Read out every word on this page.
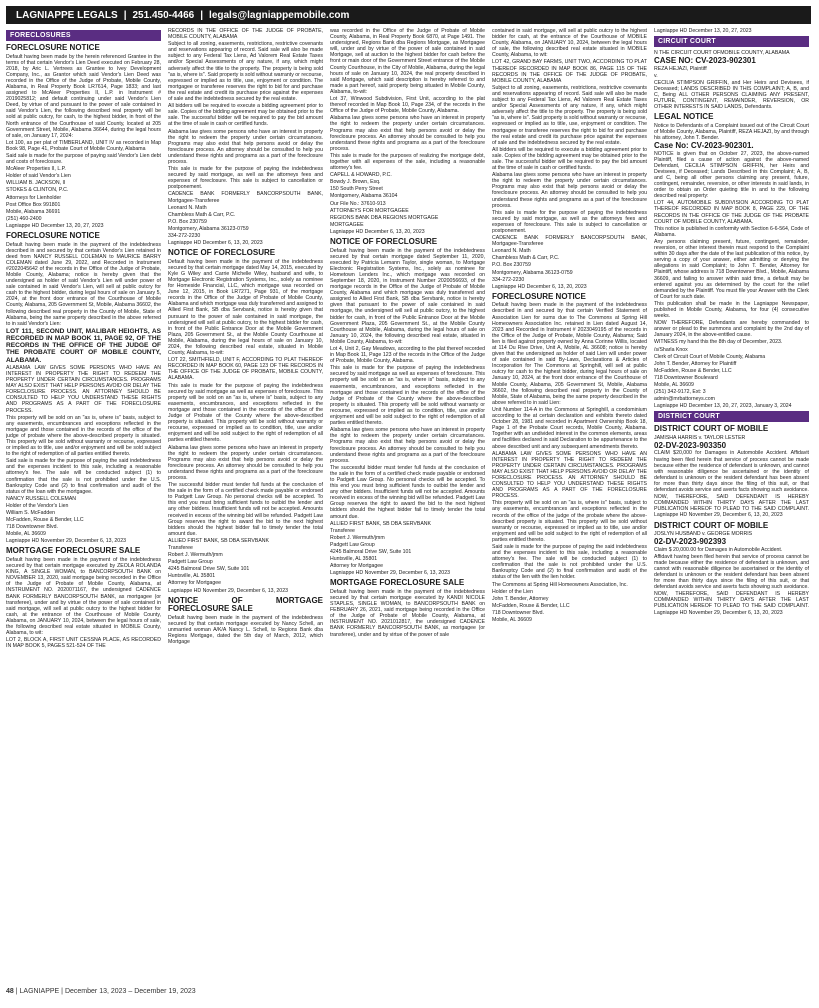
LAGNIAPPE LEGALS | 251.450-4466 | legals@lagniappemobile.com
FORECLOSURES
FORECLOSURE NOTICE

Default having been made by the herein referenced Grantee in the terms of that certain Vendor's Lien Deed executed on February 28, 2018, by Aric L. Vertrees as Grantee to Ivey Development Company, Inc., as Grantor which said Vendor's Lien Deed was recorded in the Office of the Judge of Probate, Mobile County, Alabama, in Real Property Book LR7614, Page 1833; and last assigned to McAleer Properties II, L.P. in Instrument # 2019025812; and default continuing under said Vendor's Lien Deed, by virtue of and pursuant to the power of sale contained in said Vendor's Lien, the following described real property will be sold at public outcry, for cash, to the highest bidder, in front of the North entrance of the Courthouse of said County, located at 205 Government Street, Mobile, Alabama 36644, during the legal hours of sale, on January 17, 2024:

Lot 100, as per plat of TIMBERLAND, UNIT IV as recorded in Map Book 98, Page 41, Probate Court of Mobile County, Alabama

Said sale is made for the purpose of paying said Vendor's Lien debt and costs of foreclosure.

McAleer Properties II, L.P.

Holder of said Vendor's Lien

WILLIAM B. JACKSON, II

STOKES & CLINTON, P.C.

Attorneys for Lienholder

Post Office Box 991801

Mobile, Alabama 36691

(251) 460-2400

Lagniappe HD December 13, 20, 27, 2023

FORECLOSURE NOTICE

Default having been made in the payment of the indebtedness described in and secured by that certain Vendor's Lien retained in deed from NANCY RUSSELL COLEMAN to MAURICE BARRY COLEMAN dated June 29, 2022, and Recorded in Instrument #2022045642 of the records in the Office of the Judge of Probate, Mobile County, Alabama; notice is hereby given that the undersigned as holder of said Vendor's Lien will under power of sale contained in said Vendor's Lien, will sell at public outcry for cash to the highest bidder, during legal hours of sale on January 5, 2024, at the front door entrance of the Courthouse of Mobile County, Alabama, 205 Government St, Mobile, Alabama 36602, the following described real property in the County of Mobile, State of Alabama, being the same property described in the above referred to in said Vendor's Lien:

LOT 111, SECOND UNIT, MALIBAR HEIGHTS, AS RECORDED IN MAP BOOK 11, PAGE 92, OF THE RECORDS IN THE OFFICE OF THE JUDGE OF THE PROBATE COURT OF MOBILE COUNTY, ALABAMA.

ALABAMA LAW GIVES SOME PERSONS WHO HAVE AN INTEREST IN PROPERTY THE RIGHT TO REDEEM THE PROPERTY UNDER CERTAIN CIRCUMSTANCES. PROGRAMS MAY ALSO EXIST THAT HELP PERSONS AVOID OR DELAY THE FORECLOSURE PROCESS. AN ATTORNEY SHOULD BE CONSULTED TO HELP YOU UNDERSTAND THESE RIGHTS AND PROGRAMS AS A PART OF THE FORECLOSURE PROCESS.

This property will be sold on an "as is, where is" basis, subject to any easements, encumbrances and exceptions reflected in the mortgage and those contained in the records of the office of the judge of probate where the above-described property is situated. This property will be sold without warranty or recourse, expressed or implied as to title, use and/or enjoyment and will be sold subject to the right of redemption of all parties entitled thereto.

Said sale is made for the purpose of paying the said indebtedness and the expenses incident to this sale, including a reasonable attorney's fee. The sale will be conducted subject (1) to confirmation that the sale is not prohibited under the U.S. Bankruptcy Code and (2) to final confirmation and audit of the status of the loan with the mortgagee.

NANCY RUSSELL COLEMAN

Holder of the Vendor's Lien

William S. McFadden

McFadden, Rouse & Bender, LLC

718 Downtowner Blvd.

Mobile, AL 36609

Lagniappe HD November 29, December 6, 13, 2023

MORTGAGE FORECLOSURE SALE

Default having been made in the payment of the indebtedness secured by that certain mortgage executed by ZEOLA ROLANDA KING, A SINGLE WOMAN, to BANCORPSOUTH BANK on NOVEMBER 13, 2020, said mortgage being recorded in the Office of the Judge of Probate of Mobile County, Alabama, at INSTRUMENT NO. 2020071167, the undersigned CADENCE BANK FORMERLY BANCORPSOUTH BANK, as mortgagee (or transferee), under and by virtue of the power of sale contained in said mortgage, will sell at public outcry to the highest bidder for cash, at the entrance of the Courthouse of Mobile County, Alabama, on JANUARY 10, 2024, between the legal hours of sale, the following described real estate situated in MOBILE County, Alabama, to wit:

LOT 2, BLOCK A, FIRST UNIT CESSNA PLACE, AS RECORDED IN MAP BOOK 5, PAGES 521-524 OF THE

RECORDS IN THE OFFICE OF THE JUDGE OF PROBATE, MOBILE COUNTY, ALABAMA

Subject to all zoning, easements, restrictions, restrictive covenants and reservations appearing of record. Said sale will also be made subject to any Federal Tax Liens, Ad Valorem Real Estate Taxes and/or Special Assessments of any nature, if any, which might adversely affect the title to the property. The property is being sold "as is, where is". Said property is sold without warranty or recourse, expressed or implied as to title, use, enjoyment or condition. The mortgagee or transferee reserves the right to bid for and purchase the real estate and credit its purchase price against the expenses of sale and the indebtedness secured by the real estate.

All bidders will be required to execute a bidding agreement prior to sale. Copies of the bidding agreement may be obtained prior to the sale. The successful bidder will be required to pay the bid amount at the time of sale in cash or certified funds.

Alabama law gives some persons who have an interest in property the right to redeem the property under certain circumstances. Programs may also exist that help persons avoid or delay the foreclosure process. An attorney should be consulted to help you understand these rights and programs as a part of the foreclosure process.

This sale is made for the purpose of paying the indebtedness secured by said mortgage, as well as the attorneys fees and expenses of foreclosure. This sale is subject to cancellation or postponement.

CADENCE BANK FORMERLY BANCORPSOUTH BANK, Mortgagee-Transferee

Leonard N. Math

Chambless Math & Carr, P.C.

P.O. Box 230759

Montgomery, Alabama 36123-0759

334-272-2230

Lagniappe HD December 6, 13, 20, 2023

NOTICE OF FORECLOSURE

Default having been made in the payment of the indebtedness secured by that certain mortgage dated May 14, 2015, executed by Kyle G Wiley and Carrie Michelle Wiley, husband and wife, to Mortgage Electronic Registration Systems, Inc., solely as nominee for Homeside Financial, LLC, which mortgage was recorded on June 12, 2015, in Book LR7271, Page 931, of the mortgage records in the Office of the Judge of Probate of Mobile County, Alabama and which mortgage was duly transferred and assigned to Allied First Bank, SB dba Servbank, notice is hereby given that pursuant to the power of sale contained in said mortgage, the undersigned will sell at public outcry, to the highest bidder for cash, in front of the Public Entrance Door at the Mobile Government Plaza, 205 Government St., at the Mobile County Courthouse at Mobile, Alabama, during the legal hours of sale on January 10, 2024, the following described real estate, situated in Mobile County, Alabama, to-wit:

LOT 22, SMITHFIELD, UNIT F, ACCORDING TO PLAT THEREOF RECORDED IN MAP BOOK 60, PAGE 123 OF THE RECORDS IN THE OFFICE OF THE JUDGE OF PROBATE, MOBILE COUNTY, ALABAMA.

This sale is made for the purpose of paying the indebtedness secured by said mortgage as well as expenses of foreclosure. This property will be sold on an "as is, where is" basis, subject to any easements, encumbrances, and exceptions reflected in the mortgage and those contained in the records of the office of the Judge of Probate of the County where the above-described property is situated. This property will be sold without warranty or recourse, expressed or implied as to condition, title, use and/or enjoyment and will be sold subject to the right of redemption of all parties entitled thereto.

Alabama law gives some persons who have an interest in property the right to redeem the property under certain circumstances. Programs may also exist that help persons avoid or delay the foreclosure process. An attorney should be consulted to help you understand these rights and programs as a part of the foreclosure process.

The successful bidder must tender full funds at the conclusion of the sale in the form of a certified check made payable or endorsed to Padgett Law Group. No personal checks will be accepted. To this end you must bring sufficient funds to outbid the lender and any other bidders. Insufficient funds will not be accepted. Amounts received in excess of the winning bid will be refunded. Padgett Law Group reserves the right to award the bid to the next highest bidders should the highest bidder fail to timely tender the total amount due.

ALLIED FIRST BANK, SB DBA SERVBANK

Transferee

Robert J. Wermuth/jmm

Padgett Law Group

4245 Balmoral Drive SW, Suite 101

Huntsville, AL 35801

Attorney for Mortgagee

Lagniappe HD November 29, December 6, 13, 2023

NOTICE OF MORTGAGE FORECLOSURE SALE

Default having been made in the payment of the indebtedness secured by that certain mortgage executed by Nancy Schell, an unmarried woman A/K/A Nancy L. Schell, to Regions Bank dba Regions Mortgage, dated the 5th day of March, 2012, which Mortgage

was recorded in the Office of the Judge of Probate of Mobile County, Alabama, in Real Property Book 6870, at Page 1491. The undersigned, Regions Bank dba Regions Mortgage, as Mortgagee will, under and by virtue of the power of sale contained in said Mortgage, sell at auction to the highest bidder for cash before the front or main door of the Government Street entrance of the Mobile County Courthouse, in the City of Mobile, Alabama, during the legal hours of sale on January 10, 2024, the real property described in said Mortgage, which said description is hereby referred to and made a part hereof, said property being situated in Mobile County, Alabama, to-wit:

Lot 37, Winwood Subdivision, First Unit, according to the plat thereof recorded in Map Book 10, Page 234, of the records in the Office of the Judge of Probate, Mobile County, Alabama.

Alabama law gives some persons who have an interest in property the right to redeem the property under certain circumstances. Programs may also exist that help persons avoid or delay the foreclosure process. An attorney should be consulted to help you understand these rights and programs as a part of the foreclosure process.

This sale is made for the purposes of realizing the mortgage debt, together with all expenses of the sale, including a reasonable attorney's fee.

CAPELL & HOWARD, P.C.

Bowdy J. Brown, Esq.

150 South Perry Street

Montgomery, Alabama 36104

Our File No.: 37610-913

ATTORNEYS FOR MORTGAGEE

REGIONS BANK DBA REGIONS MORTGAGE

MORTGAGEE

Lagniappe HD December 6, 13, 20, 2023

NOTICE OF FORECLOSURE

Default having been made in the payment of the indebtedness secured by that certain mortgage dated September 11, 2020, executed by Patricia Lemann Taylor, single woman, to Mortgage Electronic Registration Systems, Inc., solely as nominee for Hometown Lenders Inc., which mortgage was recorded on September 18, 2020, in Instrument Number 2020056693, of the mortgage records in the Office of the Judge of Probate of Mobile County, Alabama and which mortgage was duly transferred and assigned to Allied First Bank, SB dba Servbank, notice is hereby given that pursuant to the power of sale contained in said mortgage, the undersigned will sell at public outcry, to the highest bidder for cash, in front of the Public Entrance Door at the Mobile Government Plaza, 205 Government St., at the Mobile County Courthouse at Mobile, Alabama, during the legal hours of sale on January 10, 2024, the following described real estate, situated in Mobile County, Alabama, to-wit:

Lot 4, Unit 2, Gay Meadows, according to the plat thereof recorded in Map Book 11, Page 123 of the records in the Office of the Judge of Probate, Mobile County, Alabama.

This sale is made for the purpose of paying the indebtedness secured by said mortgage as well as expenses of foreclosure. This property will be sold on an "as is, where is" basis, subject to any easements, encumbrances, and exceptions reflected in the mortgage and those contained in the records of the office of the Judge of Probate of the County where the above-described property is situated. This property will be sold without warranty or recourse, expressed or implied as to condition, title, use and/or enjoyment and will be sold subject to the right of redemption of all parties entitled thereto.

Alabama law gives some persons who have an interest in property the right to redeem the property under certain circumstances. Programs may also exist that help persons avoid or delay the foreclosure process. An attorney should be consulted to help you understand these rights and programs as a part of the foreclosure process.

The successful bidder must tender full funds at the conclusion of the sale in the form of a certified check made payable or endorsed to Padgett Law Group. No personal checks will be accepted. To this end you must bring sufficient funds to outbid the lender and any other bidders. Insufficient funds will not be accepted. Amounts received in excess of the winning bid will be refunded. Padgett Law Group reserves the right to award the bid to the next highest bidders should the highest bidder fail to timely tender the total amount due.

ALLIED FIRST BANK, SB DBA SERVBANK

Transferee

Robert J. Wermuth/jmm

Padgett Law Group

4245 Balmoral Drive SW, Suite 101

Huntsville, AL 35801

Attorney for Mortgagee

Lagniappe HD November 29, December 6, 13, 2023

MORTGAGE FORECLOSURE SALE

Default having been made in the payment of the indebtedness secured by that certain mortgage executed by KANDI NICOLE STAPLES, SINGLE WOMAN, to BANCORPSOUTH BANK on FEBRUARY 26, 2021, said mortgage being recorded in the Office of the Judge of Probate of Mobile County, Alabama, at INSTRUMENT NO. 2021012817, the undersigned CADENCE BANK FORMERLY BANCORPSOUTH BANK, as mortgagee (or transferee), under and by virtue of the power of sale

contained in said mortgage, will sell at public outcry to the highest bidder for cash, at the entrance of the Courthouse of MOBILE County, Alabama, on JANUARY 10, 2024, between the legal hours of sale, the following described real estate situated in MOBILE County, Alabama, to wit:

LOT 42, GRAND BAY FARMS, UNIT TWO, ACCORDING TO PLAT THEREOF RECORDED IN MAP BOOK 86, PAGE 115 OF THE RECORDS IN THE OFFICE OF THE JUDGE OF PROBATE, MOBILE COUNTY, ALABAMA

Subject to all zoning, easements, restrictions, restrictive covenants and reservations appearing of record. Said sale will also be made subject to any Federal Tax Liens, Ad Valorem Real Estate Taxes and/or Special Assessments of any nature, if any, which might adversely affect the title to the property. The property is being sold "as is, where is". Said property is sold without warranty or recourse, expressed or implied as to title, use, enjoyment or condition. The mortgagee or transferee reserves the right to bid for and purchase the real estate and credit its purchase price against the expenses of sale and the indebtedness secured by the real estate.

All bidders will be required to execute a bidding agreement prior to sale. Copies of the bidding agreement may be obtained prior to the sale. The successful bidder will be required to pay the bid amount at the time of sale in cash or certified funds.

Alabama law gives some persons who have an interest in property the right to redeem the property under certain circumstances. Programs may also exist that help persons avoid or delay the foreclosure process. An attorney should be consulted to help you understand these rights and programs as a part of the foreclosure process.

This sale is made for the purpose of paying the indebtedness secured by said mortgage, as well as the attorneys fees and expenses of foreclosure. This sale is subject to cancellation or postponement.

CADENCE BANK FORMERLY BANCORPSOUTH BANK, Mortgagee-Transferee

Leonard N. Math

Chambless Math & Carr, P.C.

P.O. Box 230759

Montgomery, Alabama 36123-0759

334-272-2230

Lagniappe HD December 6, 13, 20, 2023

FORECLOSURE NOTICE

Default having been made in the payment of the indebtedness described in and secured by that certain Verified Statement of Association Lien for sums due to The Commons at Spring Hill Homeowners Association Inc. retained in Lien dated August 14, 2023 and Recorded in Instrument # 2023049195 of the records in the Office of the Judge of Probate, Mobile County, Alabama; Said lien is filed against property owned by Anna Corinne Willis, located at 114 Du Rive Drive, Unit A, Mobile, AL 36608; notice is hereby given that the undersigned as holder of said Lien will under power of sale contained in said By-Laws, Declarations & Articles of Incorporation for The Commons at Springhill, will sell at public outcry for cash to the highest bidder, during legal hours of sale on January 10, 2024, at the front door entrance of the Courthouse of Mobile County, Alabama, 205 Government St, Mobile, Alabama 36602, the following described real property in the County of Mobile, State of Alabama, being the same property described in the above referred to in said Lien:

Unit Number 114-A in the Commons at Springhill, a condominium according to the at certain declaration and exhibits thereto dated October 28, 1981 and recorded in Apartment Ownership Book 18, Page 1 of the Probate Court records, Mobile County, Alabama. Together with an undivided interest in the common elements, areas and facilities declared in said Declaration to be appurtenance to the above described unit and any subsequent amendments thereto.

ALABAMA LAW GIVES SOME PERSONS WHO HAVE AN INTEREST IN PROPERTY THE RIGHT TO REDEEM THE PROPERTY UNDER CERTAIN CIRCUMSTANCES. PROGRAMS MAY ALSO EXIST THAT HELP PERSONS AVOID OR DELAY THE FORECLOSURE PROCESS. AN ATTORNEY SHOULD BE CONSULTED TO HELP YOU UNDERSTAND THESE RIGHTS AND PROGRAMS AS A PART OF THE FORECLOSURE PROCESS.

This property will be sold on an "as is, where is" basis, subject to any easements, encumbrances and exceptions reflected in the records of the office of the judge of the probate where the above-described property is situated. This property will be sold without warranty or recourse, expressed or implied as to title, use and/or enjoyment and will be sold subject to the right of redemption of all parties entitled thereto.

Said sale is made for the purpose of paying the said indebtedness and the expenses incident to this sale, including a reasonable attorney's fee. The sale will be conducted subject (1) to confirmation that the sale is not prohibited under the U.S. Bankruptcy Code and (2) to final confirmation and audit of the status of the lien with the lien holder.

The Commons at Spring Hill Homeowners Association, Inc.

Holder of the Lien

John T. Bender, Attorney

McFadden, Rouse & Bender, LLC

718 Downtowner Blvd.

Mobile, AL 36609

Lagniappe HD December 13, 20, 27, 2023

CIRCUIT COURT

N THE CIRCUIT COURT OFMOBILE COUNTY, ALABAMA

CASE NO: CV-2023-902301

REZA HEJAZI, Plaintiff

v.

CECILIA STIMPSON GRIFFIN, and Her Heirs and Devisees, if Deceased; LANDS DESCRIBED IN THIS COMPLAINT; A, B, and C, Being ALL OTHER PERSONS CLAIMING ANY PRESENT, FUTURE, CONTINGENT, REMAINDER, REVERSION, OR OTHER INTERESTS IN SAID LANDS, Defendants.

LEGAL NOTICE

Notice to Defendants of a Complaint issued out of the Circuit Court of Mobile County, Alabama, Plaintiff, REZA HEJAZI, by and through his attorney, John T. Bender.

Case No: CV-2023-902301.

NOTICE is given that on October 27, 2023, the above-named Plaintiff, filed a cause of action against the above-named Defendant, CECILIA STIMPSON GRIFFIN, her Heirs and Devisees, if Deceased; Lands Described in this Complaint; A, B, and C, being all other persons claiming any present, future, contingent, remainder, reversion, or other interests in said lands, in order to obtain an Order quieting title in and to the following described real property:

LOT 44, AUTOMOBILE SUBDIVISION ACCORDING TO PLAT THEREOF RECORDED IN MAP BOOK 8, PAGE 229, OF THE RECORDS IN THE OFFICE OF THE JUDGE OF THE PROBATE COURT OF MOBILE COUNTY, ALABAMA.

This notice is published in conformity with Section 6-6-564, Code of Alabama.

Any persons claiming present, future, contingent, remainder, reversion, or other interest therein must respond to the Complaint within 30 days after the date of the last publication of this notice, by serving a copy of your answer, either admitting or denying the allegations in said Complaint; to John T. Bender, Attorney for Plaintiff, whose address is 718 Downtowner Blvd., Mobile, Alabama 36609, and failing to answer within said time, a default may be entered against you as determined by the court for the relief demanded by the Plaintiff. You must file your Answer with the Clerk of Court for such date.

This publication shall be made in the Lagniappe Newspaper, published in Mobile County, Alabama, for four (4) consecutive weeks.

NOW THEREFORE, Defendants are hereby commanded to answer or plead to the summons and complaint by the 2nd day of January 2024, in the above-entitled cause.

WITNESS my hand this the 8th day of December, 2023.

/s/Sharla Knox

Clerk of Circuit Court of Mobile County, Alabama

John T. Bender, Attorney for Plaintiff

McFadden, Rouse & Bender, LLC

718 Downtowner Boulevard

Mobile, AL 36609

(251) 342-9172, Ext: 3

admin@mrbattorneys.com

Lagniappe HD December 13, 20, 27, 2023, January 3, 2024

DISTRICT COURT
DISTRICT COURT OF MOBILE

JAMISHA HARRIS v. TAYLOR LESTER

02-DV-2023-903350

CLAIM $20,000 for Damages in Automobile Accident. Affidavit having been filed herein that service of process cannot be made because either the residence of defendant is unknown, and cannot with reasonable diligence be ascertained or the identity of defendant is unknown or the resident defendant has been absent for more than thirty days since the filing of this suit, or that defendant avoids service and averts facts showing such avoidance.

NOW, THEREFORE, SAID DEFENDANT IS HEREBY COMMANDED WITHIN THIRTY DAYS AFTER THE LAST PUBLICATION HEREOF TO PLEAD TO THE SAID COMPLAINT. Lagniappe HD November 29, December 6, 13, 20, 2023

DISTRICT COURT OF MOBILE

JOSLYN HUSBAND v. GEORGE MORRIS

02-DV-2023-902393

Claim $ 20,000.00 for Damages in Automobile Accident.

Affidavit having been filed herein that service of process cannot be made because either the residence of defendant is unknown, and cannot with reasonable diligence be ascertained or the identity of defendant is unknown or the resident defendant has been absent for more than thirty days since the filing of this suit, or that defendant avoids service and averts facts showing such avoidance.

NOW, THEREFORE, SAID DEFENDANT IS HEREBY COMMANDED WITHIN THIRTY DAYS AFTER THE LAST PUBLICATION HEREOF TO PLEAD TO THE SAID COMPLAINT. Lagniappe HD November 29, December 6, 13, 20, 2023

48 | LAGNIAPPE | December 13, 2023 – December 19, 2023
